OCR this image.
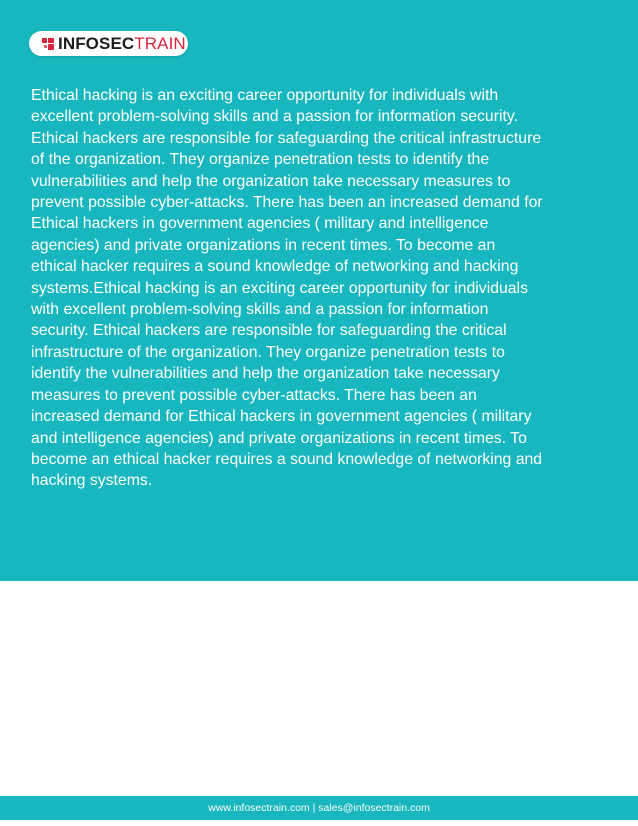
INFOSECTRAIN

Ethical hacking is an exciting career opportunity for individuals with
excellent problem-solving skills and a passion for information security.
Ethical hackers are responsible for safeguarding the critical infrastructure
of the organization. They organize penetration tests to identify the
vulnerabilities and help the organization take necessary measures to
prevent possible cyber-attacks. There has been an increased demand for
Ethical hackers in government agencies ( military and intelligence
agencies) and private organizations in recent times. To become an
ethical hacker requires a sound knowledge of networking and hacking
systems.Ethical hacking is an exciting career opportunity for individuals
with excellent problem-solving skills and a passion for information
security. Ethical hackers are responsible for safeguarding the critical
infrastructure of the organization. They organize penetration tests to
identify the vulnerabilities and help the organization take necessary
measures to prevent possible cyber-attacks. There has been an
increased demand for Ethical hackers in government agencies ( military
and intelligence agencies) and private organizations in recent times. To
become an ethical hacker requires a sound knowledge of networking and
hacking systems.

www.infosectrain.com | sales@infosectrain.com
